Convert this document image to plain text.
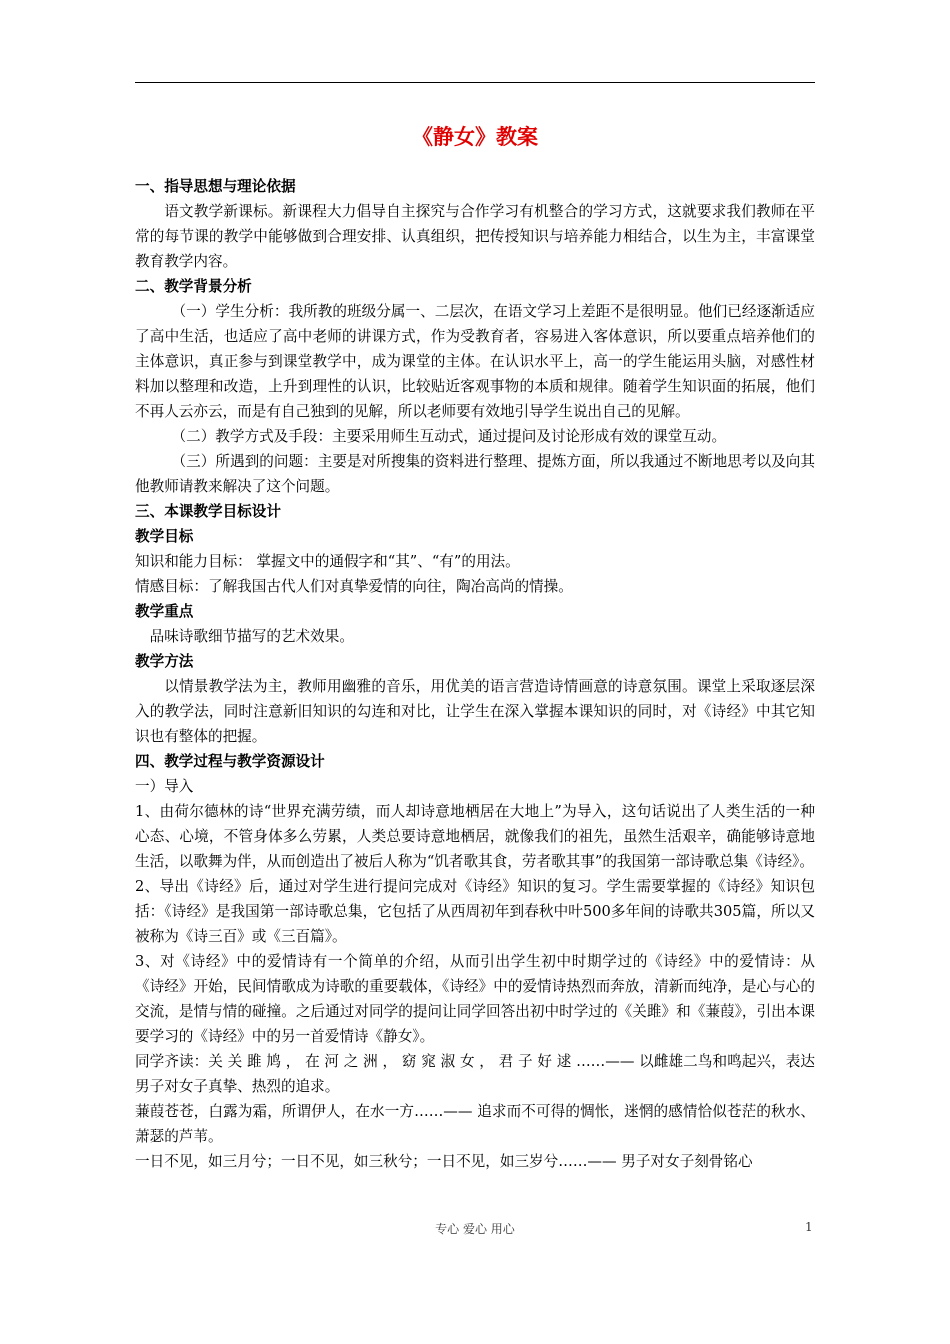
《静女》教案

一、指导思想与理论依据

语文教学新课标。新课程大力倡导自主探究与合作学习有机整合的学习方式，这就要求我们教师在平常的每节课的教学中能够做到合理安排、认真组织，把传授知识与培养能力相结合，以生为主，丰富课堂教育教学内容。

二、教学背景分析

（一）学生分析：我所教的班级分属一、二层次，在语文学习上差距不是很明显。他们已经逐渐适应了高中生活，也适应了高中老师的讲课方式，作为受教育者，容易进入客体意识，所以要重点培养他们的主体意识，真正参与到课堂教学中，成为课堂的主体。在认识水平上，高一的学生能运用头脑，对感性材料加以整理和改造，上升到理性的认识，比较贴近客观事物的本质和规律。随着学生知识面的拓展，他们不再人云亦云，而是有自己独到的见解，所以老师要有效地引导学生说出自己的见解。

（二）教学方式及手段：主要采用师生互动式，通过提问及讨论形成有效的课堂互动。

（三）所遇到的问题：主要是对所搜集的资料进行整理、提炼方面，所以我通过不断地思考以及向其他教师请教来解决了这个问题。

三、本课教学目标设计

教学目标

知识和能力目标： 掌握文中的通假字和“其”、“有”的用法。

情感目标：了解我国古代人们对真挚爱情的向往，陶冶高尚的情操。

教学重点

品味诗歌细节描写的艺术效果。

教学方法

以情景教学法为主，教师用幽雅的音乐，用优美的语言营造诗情画意的诗意氛围。课堂上采取逐层深入的教学法，同时注意新旧知识的勾连和对比，让学生在深入掌握本课知识的同时，对《诗经》中其它知识也有整体的把握。

四、教学过程与教学资源设计

一）导入

1、由荷尔德林的诗“世界充满劳绩，而人却诗意地栖居在大地上”为导入，这句话说出了人类生活的一种心态、心境，不管身体多么劳累，人类总要诗意地栖居，就像我们的祖先，虽然生活艰辛，确能够诗意地生活，以歌舞为伴，从而创造出了被后人称为“饥者歌其食，劳者歌其事”的我国第一部诗歌总集《诗经》。

2、导出《诗经》后，通过对学生进行提问完成对《诗经》知识的复习。学生需要掌握的《诗经》知识包括：《诗经》是我国第一部诗歌总集，它包括了从西周初年到春秋中叶500多年间的诗歌共305篇，所以又被称为《诗三百》或《三百篇》。

3、对《诗经》中的爱情诗有一个简单的介绍，从而引出学生初中时期学过的《诗经》中的爱情诗：从《诗经》开始，民间情歌成为诗歌的重要载体，《诗经》中的爱情诗热烈而奔放，清新而纯净，是心与心的交流，是情与情的碰撞。之后通过对同学的提问让同学回答出初中时学过的《关雎》和《蒹葭》，引出本课要学习的《诗经》中的另一首爱情诗《静女》。

同学齐读：关 关 雎 鸠 ， 在 河 之 洲 ， 窈 窕 淑 女 ， 君 子 好 逑 ……—— 以雌雄二鸟和鸣起兴，表达男子对女子真挚、热烈的追求。

蒹葭苍苍，白露为霜，所谓伊人，在水一方……—— 追求而不可得的惆怅，迷惘的感情恰似苍茫的秋水、萧瑟的芦苇。

一日不见，如三月兮；一日不见，如三秋兮；一日不见，如三岁兮……—— 男子对女子刻骨铭心

专心 爱心 用心	1
